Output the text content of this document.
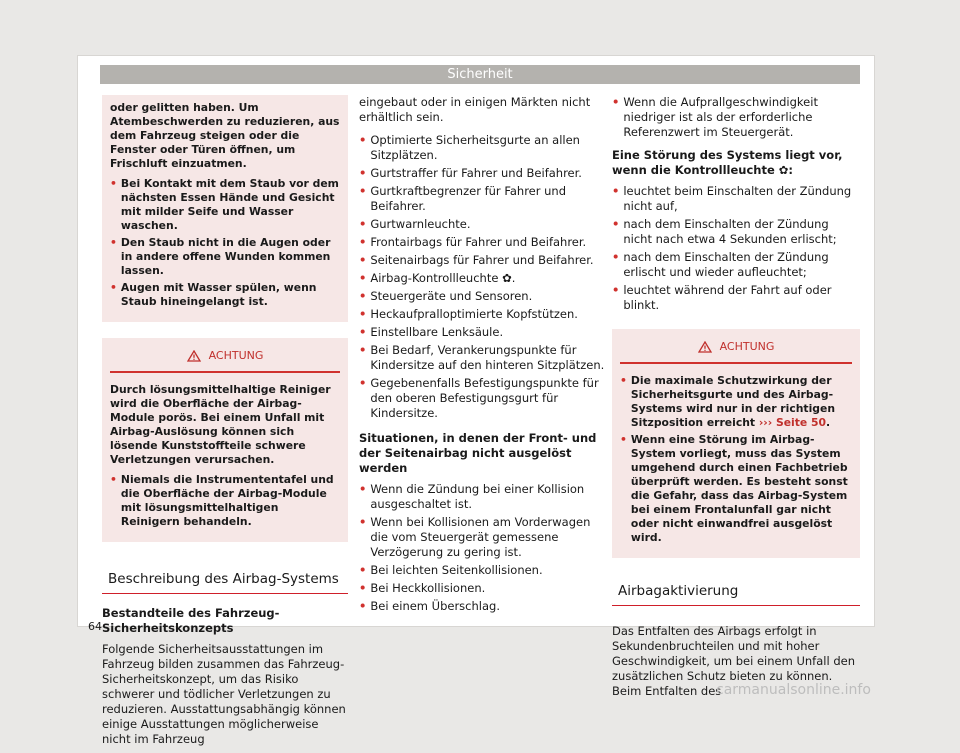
Sicherheit

oder gelitten haben. Um Atembeschwerden zu reduzieren, aus dem Fahrzeug steigen oder die Fenster oder Türen öffnen, um Frischluft einzuatmen.

• Bei Kontakt mit dem Staub vor dem nächsten Essen Hände und Gesicht mit milder Seife und Wasser waschen.
• Den Staub nicht in die Augen oder in andere offene Wunden kommen lassen.
• Augen mit Wasser spülen, wenn Staub hineingelangt ist.
ACHTUNG

Durch lösungsmittelhaltige Reiniger wird die Oberfläche der Airbag-Module porös. Bei einem Unfall mit Airbag-Auslösung können sich lösende Kunststoffteile schwere Verletzungen verursachen.

• Niemals die Instrumententafel und die Oberfläche der Airbag-Module mit lösungsmittelhaltigen Reinigern behandeln.
Beschreibung des Airbag-Systems

Bestandteile des Fahrzeug-Sicherheitskonzepts

Folgende Sicherheitsausstattungen im Fahrzeug bilden zusammen das Fahrzeug-Sicherheitskonzept, um das Risiko schwerer und tödlicher Verletzungen zu reduzieren. Ausstattungsabhängig können einige Ausstattungen möglicherweise nicht im Fahrzeug

eingebaut oder in einigen Märkten nicht erhältlich sein.

• Optimierte Sicherheitsgurte an allen Sitzplätzen.
• Gurtstraffer für Fahrer und Beifahrer.
• Gurtkraftbegrenzer für Fahrer und Beifahrer.
• Gurtwarnleuchte.
• Frontairbags für Fahrer und Beifahrer.
• Seitenairbags für Fahrer und Beifahrer.
• Airbag-Kontrollleuchte ✿.
• Steuergeräte und Sensoren.
• Heckaufpralloptimierte Kopfstützen.
• Einstellbare Lenksäule.
• Bei Bedarf, Verankerungspunkte für Kindersitze auf den hinteren Sitzplätzen.
• Gegebenenfalls Befestigungspunkte für den oberen Befestigungsgurt für Kindersitze.

Situationen, in denen der Front- und der Seitenairbag nicht ausgelöst werden

• Wenn die Zündung bei einer Kollision ausgeschaltet ist.
• Wenn bei Kollisionen am Vorderwagen die vom Steuergerät gemessene Verzögerung zu gering ist.
• Bei leichten Seitenkollisionen.
• Bei Heckkollisionen.
• Bei einem Überschlag.
• Wenn die Aufprallgeschwindigkeit niedriger ist als der erforderliche Referenzwert im Steuergerät.

Eine Störung des Systems liegt vor, wenn die Kontrollleuchte ✿:

• leuchtet beim Einschalten der Zündung nicht auf,
• nach dem Einschalten der Zündung nicht nach etwa 4 Sekunden erlischt;
• nach dem Einschalten der Zündung erlischt und wieder aufleuchtet;
• leuchtet während der Fahrt auf oder blinkt.
ACHTUNG
• Die maximale Schutzwirkung der Sicherheitsgurte und des Airbag-Systems wird nur in der richtigen Sitzposition erreicht ››› Seite 50.
• Wenn eine Störung im Airbag-System vorliegt, muss das System umgehend durch einen Fachbetrieb überprüft werden. Es besteht sonst die Gefahr, dass das Airbag-System bei einem Frontalunfall gar nicht oder nicht einwandfrei ausgelöst wird.
Airbagaktivierung

Das Entfalten des Airbags erfolgt in Sekundenbruchteilen und mit hoher Geschwindigkeit, um bei einem Unfall den zusätzlichen Schutz bieten zu können. Beim Entfalten des

64
carmanualsonline.info
